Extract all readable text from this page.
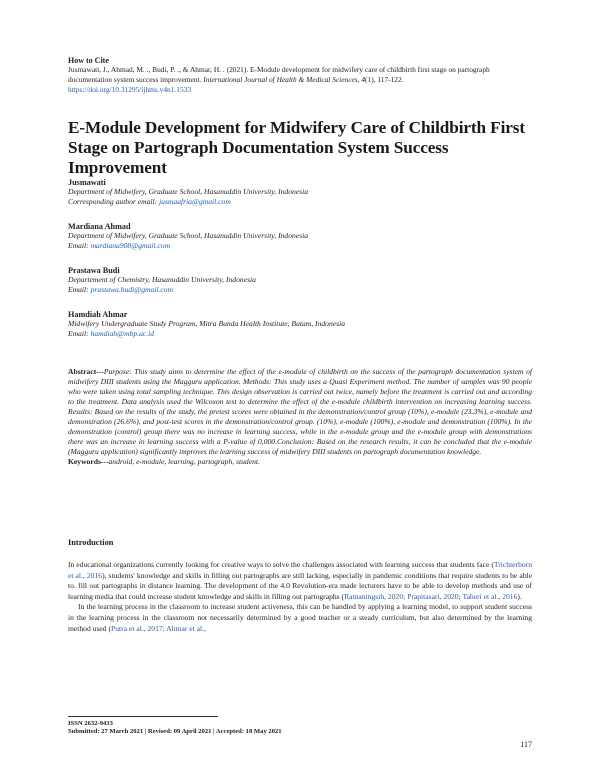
How to Cite
Jusmawati, J., Ahmad, M. ., Budi, P. ., & Ahmar, H. . (2021). E-Module development for midwifery care of childbirth first stage on partograph documentation system success improvement. International Journal of Health & Medical Sciences, 4(1), 117-122.
https://doi.org/10.31295/ijhms.v4n1.1533
E-Module Development for Midwifery Care of Childbirth First Stage on Partograph Documentation System Success Improvement
Jusmawati
Department of Midwifery, Graduate School, Hasanuddin University, Indonesia
Corresponding author email: jusmaafria@gmail.com
Mardiana Ahmad
Department of Midwifery, Graduate School, Hasanuddin University, Indonesia
Email: mardiana908@gmail.com
Prastawa Budi
Departement of Chemistry, Hasanuddin University, Indonesia
Email: prastawa.budi@gmail.com
Hamdiah Ahmar
Midwifery Undergraduate Study Program, Mitra Bunda Health Institute, Batam, Indonesia
Email: hamdiah@mbp.ac.id
Abstract---Purpose: This study aims to determine the effect of the e-module of childbirth on the success of the partograph documentation system of midwifery DIII students using the Magguru application. Methods: This study uses a Quasi Experiment method. The number of samples was 90 people who were taken using total sampling technique. This design observation is carried out twice, namely before the treatment is carried out and according to the treatment. Data analysis used the Wilcoxon test to determine the effect of the e-module childbirth intervention on increasing learning success. Results: Based on the results of the study, the pretest scores were obtained in the demonstration/control group (10%), e-module (23.3%), e-module and demonstration (26.6%), and post-test scores in the demonstration/control group. (10%), e-module (100%), e-module and demonstration (100%). In the demonstration (control) group there was no increase in learning success, while in the e-module group and the e-module group with demonstrations there was an increase in learning success with a P-value of 0,000.Conclusion: Based on the research results, it can be concluded that the e-module (Magguru application) significantly improves the learning success of midwifery DIII students on partograph documentation knowledge.
Keywords---android, e-module, learning, partograph, student.
Introduction

In educational organizations currently looking for creative ways to solve the challenges associated with learning success that students face (Trichterborn et al., 2016), students' knowledge and skills in filling out partographs are still lacking, especially in pandemic conditions that require students to be able to. fill out partographs in distance learning. The development of the 4.0 Revolution-era made lecturers have to be able to develop methods and use of learning media that could increase student knowledge and skills in filling out partographs (Ratnaningsih, 2020; Prapitasari, 2020; Taheri et al., 2016).

In the learning process in the classroom to increase student activeness, this can be handled by applying a learning model, to support student success in the learning process in the classroom not necessarily determined by a good teacher or a steady curriculum, but also determined by the learning method used (Putra et al., 2017; Ahmar et al.,

ISSN 2632-9433
Submitted: 27 March 2021 | Revised: 09 April 2021 | Accepted: 18 May 2021
117
